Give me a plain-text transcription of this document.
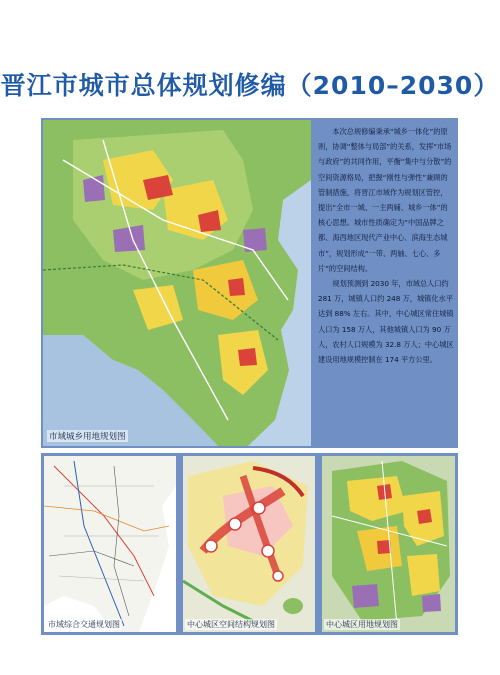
晋江市城市总体规划修编（2010–2030）
市域城乡用地规划图

本次总规修编秉承“城乡一体化”的原则，协调“整体与局部”的关系，发挥“市场与政府”的共同作用，平衡“集中与分散”的空间资源格局，把握“刚性与弹性”兼顾的管制措施，将晋江市域作为规划区管控，提出“全市一城、一主两辅、城乡一体”的核心思想。城市性质确定为“中国品牌之都、海西地区现代产业中心、滨海生态城市”，规划形成“一带、两轴、七心、多片”的空间结构。

规划预测到 2030 年，市域总人口约 281 万，城镇人口约 248 万，城镇化水平达到 88% 左右。其中，中心城区常住城镇人口为 158 万人，其他城镇人口为 90 万人，农村人口规模为 32.8 万人；中心城区建设用地规模控制在 174 平方公里。

市域综合交通规划图	中心城区空间结构规划图	中心城区用地规划图
